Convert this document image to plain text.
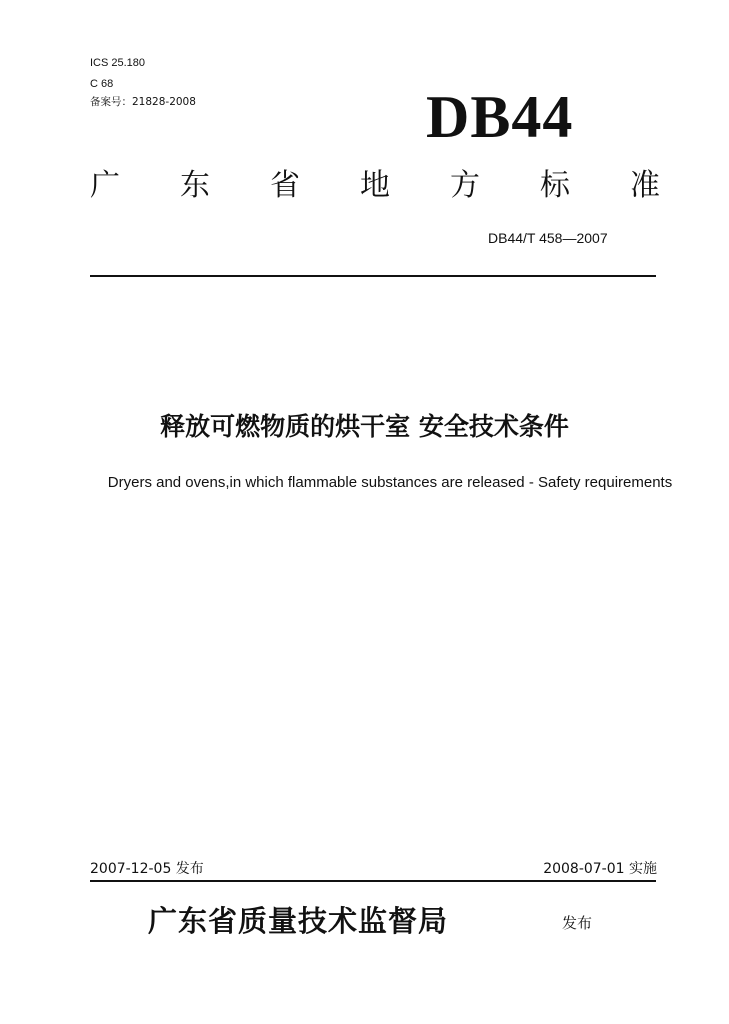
ICS 25.180
C 68
备案号：21828-2008	DB44
广 东 省 地 方 标 准
DB44/T 458—2007
释放可燃物质的烘干室 安全技术条件
Dryers and ovens,in which flammable substances are released - Safety requirements
2007-12-05 发布	2008-07-01 实施
广东省质量技术监督局	发布
